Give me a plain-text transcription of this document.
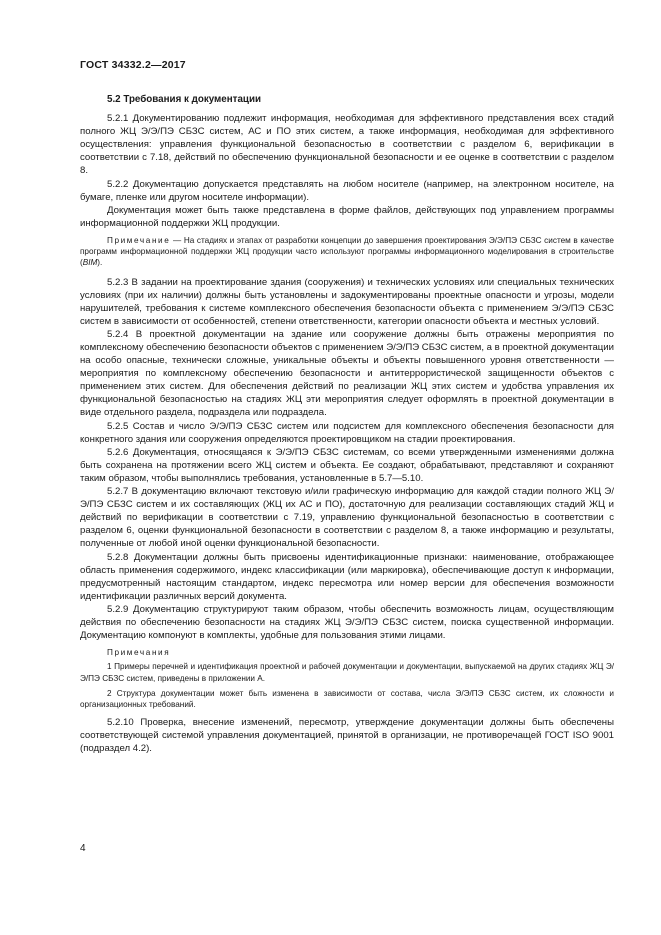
ГОСТ 34332.2—2017
5.2 Требования к документации

5.2.1 Документированию подлежит информация, необходимая для эффективного представления всех стадий полного ЖЦ Э/Э/ПЭ СБЗС систем, АС и ПО этих систем, а также информация, необходимая для эффективного осуществления: управления функциональной безопасностью в соответствии с разделом 6, верификации в соответствии с 7.18, действий по обеспечению функциональной безопасности и ее оценке в соответствии с разделом 8.

5.2.2 Документацию допускается представлять на любом носителе (например, на электронном носителе, на бумаге, пленке или другом носителе информации).

Документация может быть также представлена в форме файлов, действующих под управлением программы информационной поддержки ЖЦ продукции.

Примечание — На стадиях и этапах от разработки концепции до завершения проектирования Э/Э/ПЭ СБЗС систем в качестве программ информационной поддержки ЖЦ продукции часто используют программы информационного моделирования в строительстве (BIM).

5.2.3 В задании на проектирование здания (сооружения) и технических условиях или специальных технических условиях (при их наличии) должны быть установлены и задокументированы проектные опасности и угрозы, модели нарушителей, требования к системе комплексного обеспечения безопасности объекта с применением Э/Э/ПЭ СБЗС систем в зависимости от особенностей, степени ответственности, категории опасности объекта и местных условий.

5.2.4 В проектной документации на здание или сооружение должны быть отражены мероприятия по комплексному обеспечению безопасности объектов с применением Э/Э/ПЭ СБЗС систем, а в проектной документации на особо опасные, технически сложные, уникальные объекты и объекты повышенного уровня ответственности — мероприятия по комплексному обеспечению безопасности и антитеррористической защищенности объектов с применением этих систем. Для обеспечения действий по реализации ЖЦ этих систем и удобства управления их функциональной безопасностью на стадиях ЖЦ эти мероприятия следует оформлять в проектной документации в виде отдельного раздела, подраздела или подраздела.

5.2.5 Состав и число Э/Э/ПЭ СБЗС систем или подсистем для комплексного обеспечения безопасности для конкретного здания или сооружения определяются проектировщиком на стадии проектирования.

5.2.6 Документация, относящаяся к Э/Э/ПЭ СБЗС системам, со всеми утвержденными изменениями должна быть сохранена на протяжении всего ЖЦ систем и объекта. Ее создают, обрабатывают, представляют и сохраняют таким образом, чтобы выполнялись требования, установленные в 5.7—5.10.

5.2.7 В документацию включают текстовую и/или графическую информацию для каждой стадии полного ЖЦ Э/Э/ПЭ СБЗС систем и их составляющих (ЖЦ их АС и ПО), достаточную для реализации составляющих стадий ЖЦ и действий по верификации в соответствии с 7.19, управлению функциональной безопасностью в соответствии с разделом 6, оценки функциональной безопасности в соответствии с разделом 8, а также информацию и результаты, полученные от любой иной оценки функциональной безопасности.

5.2.8 Документации должны быть присвоены идентификационные признаки: наименование, отображающее область применения содержимого, индекс классификации (или маркировка), обеспечивающие доступ к информации, предусмотренный настоящим стандартом, индекс пересмотра или номер версии для обеспечения возможности идентификации различных версий документа.

5.2.9 Документацию структурируют таким образом, чтобы обеспечить возможность лицам, осуществляющим действия по обеспечению безопасности на стадиях ЖЦ Э/Э/ПЭ СБЗС систем, поиска существенной информации. Документацию компонуют в комплекты, удобные для пользования этими лицами.

Примечания

1 Примеры перечней и идентификация проектной и рабочей документации и документации, выпускаемой на других стадиях ЖЦ Э/Э/ПЭ СБЗС систем, приведены в приложении А.

2 Структура документации может быть изменена в зависимости от состава, числа Э/Э/ПЭ СБЗС систем, их сложности и организационных требований.

5.2.10 Проверка, внесение изменений, пересмотр, утверждение документации должны быть обеспечены соответствующей системой управления документацией, принятой в организации, не противоречащей ГОСТ ISO 9001 (подраздел 4.2).

4
